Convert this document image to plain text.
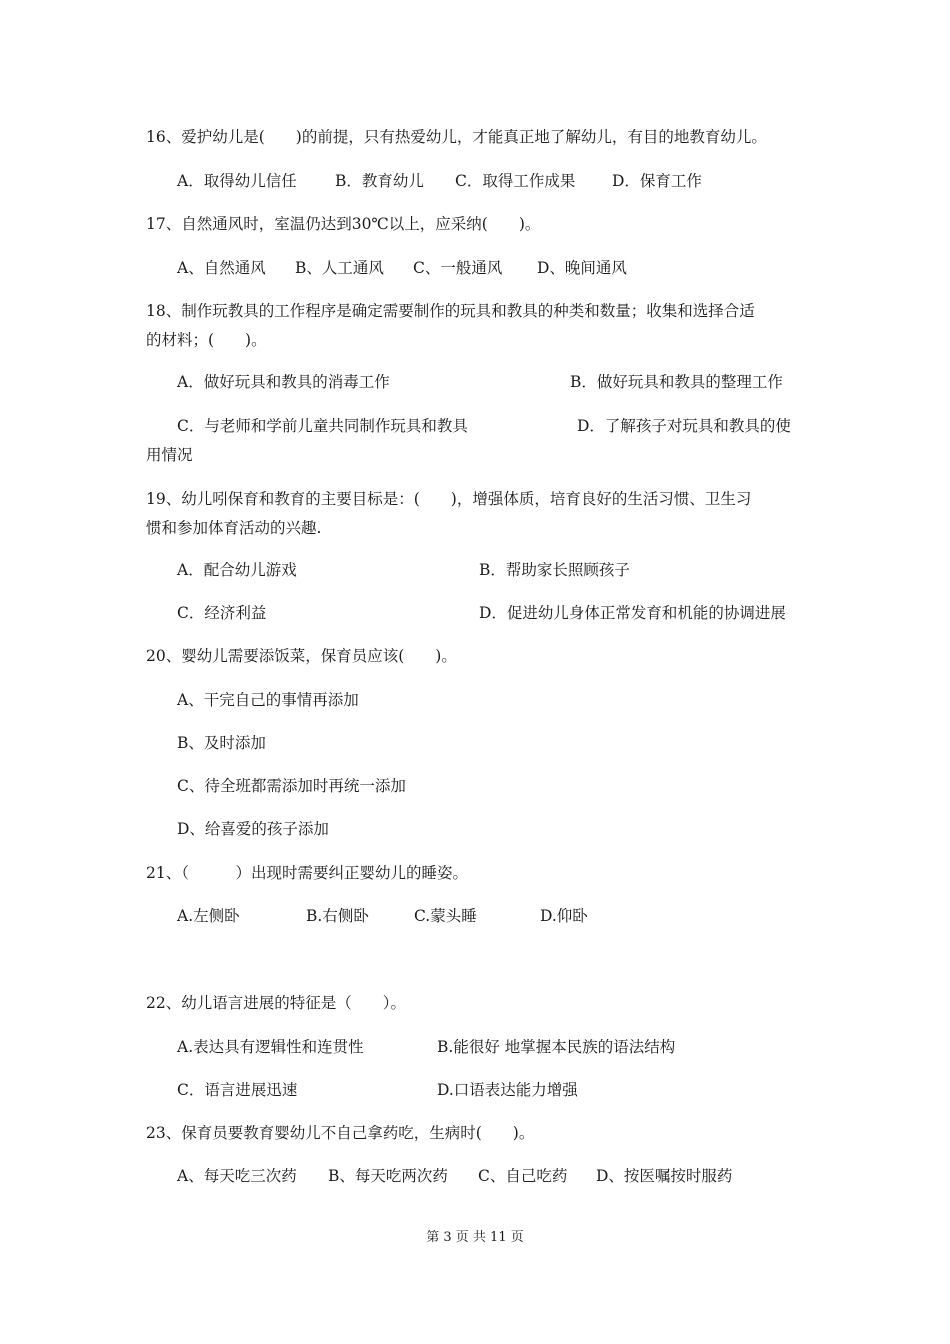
16、爱护幼儿是(　　)的前提，只有热爱幼儿，才能真正地了解幼儿，有目的地教育幼儿。

A．取得幼儿信任 B．教育幼儿 C．取得工作成果 D．保育工作

17、自然通风时，室温仍达到30℃以上，应采纳(　　)。

A、自然通风 B、人工通风 C、一般通风 D、晚间通风

18、制作玩教具的工作程序是确定需要制作的玩具和教具的种类和数量；收集和选择合适

的材料；(　　)。

A．做好玩具和教具的消毒工作	B．做好玩具和教具的整理工作

C．与老师和学前儿童共同制作玩具和教具	D．了解孩子对玩具和教具的使

用情况

19、幼儿吲保育和教育的主要目标是：(　　)，增强体质，培育良好的生活习惯、卫生习

惯和参加体育活动的兴趣.

A．配合幼儿游戏	B．帮助家长照顾孩子

C．经济利益	D．促进幼儿身体正常发育和机能的协调进展

20、婴幼儿需要添饭菜，保育员应该(　　)。

A、干完自己的事情再添加

B、及时添加

C、待全班都需添加时再统一添加

D、给喜爱的孩子添加

21、（　　　）出现时需要纠正婴幼儿的睡姿。

A.左侧卧	B.右侧卧	C.蒙头睡	D.仰卧

22、幼儿语言进展的特征是（　　）。

A.表达具有逻辑性和连贯性	B.能很好 地掌握本民族的语法结构

C．语言进展迅速	D.口语表达能力增强

23、保育员要教育婴幼儿不自己拿药吃，生病时(　　)。

A、每天吃三次药 B、每天吃两次药 C、自己吃药 D、按医嘱按时服药

第 3 页 共 11 页
